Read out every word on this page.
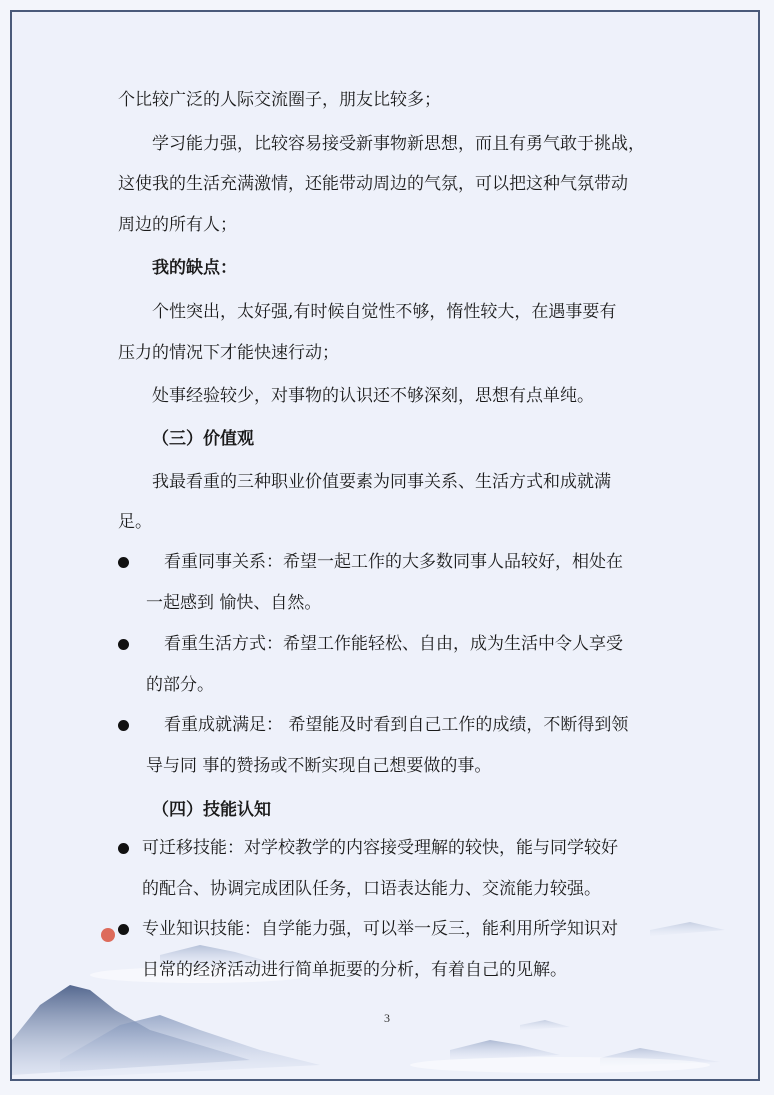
个比较广泛的人际交流圈子，朋友比较多；
学习能力强，比较容易接受新事物新思想，而且有勇气敢于挑战，
这使我的生活充满激情，还能带动周边的气氛，可以把这种气氛带动
周边的所有人；
我的缺点：
个性突出，太好强,有时候自觉性不够，惰性较大，在遇事要有
压力的情况下才能快速行动；
处事经验较少，对事物的认识还不够深刻，思想有点单纯。
（三）价值观
我最看重的三种职业价值要素为同事关系、生活方式和成就满
足。
看重同事关系：希望一起工作的大多数同事人品较好，相处在
一起感到 愉快、自然。
看重生活方式：希望工作能轻松、自由，成为生活中令人享受
的部分。
看重成就满足： 希望能及时看到自己工作的成绩，不断得到领
导与同 事的赞扬或不断实现自己想要做的事。
（四）技能认知
可迁移技能：对学校教学的内容接受理解的较快，能与同学较好
的配合、协调完成团队任务，口语表达能力、交流能力较强。
专业知识技能：自学能力强，可以举一反三，能利用所学知识对
日常的经济活动进行简单扼要的分析，有着自己的见解。
3
